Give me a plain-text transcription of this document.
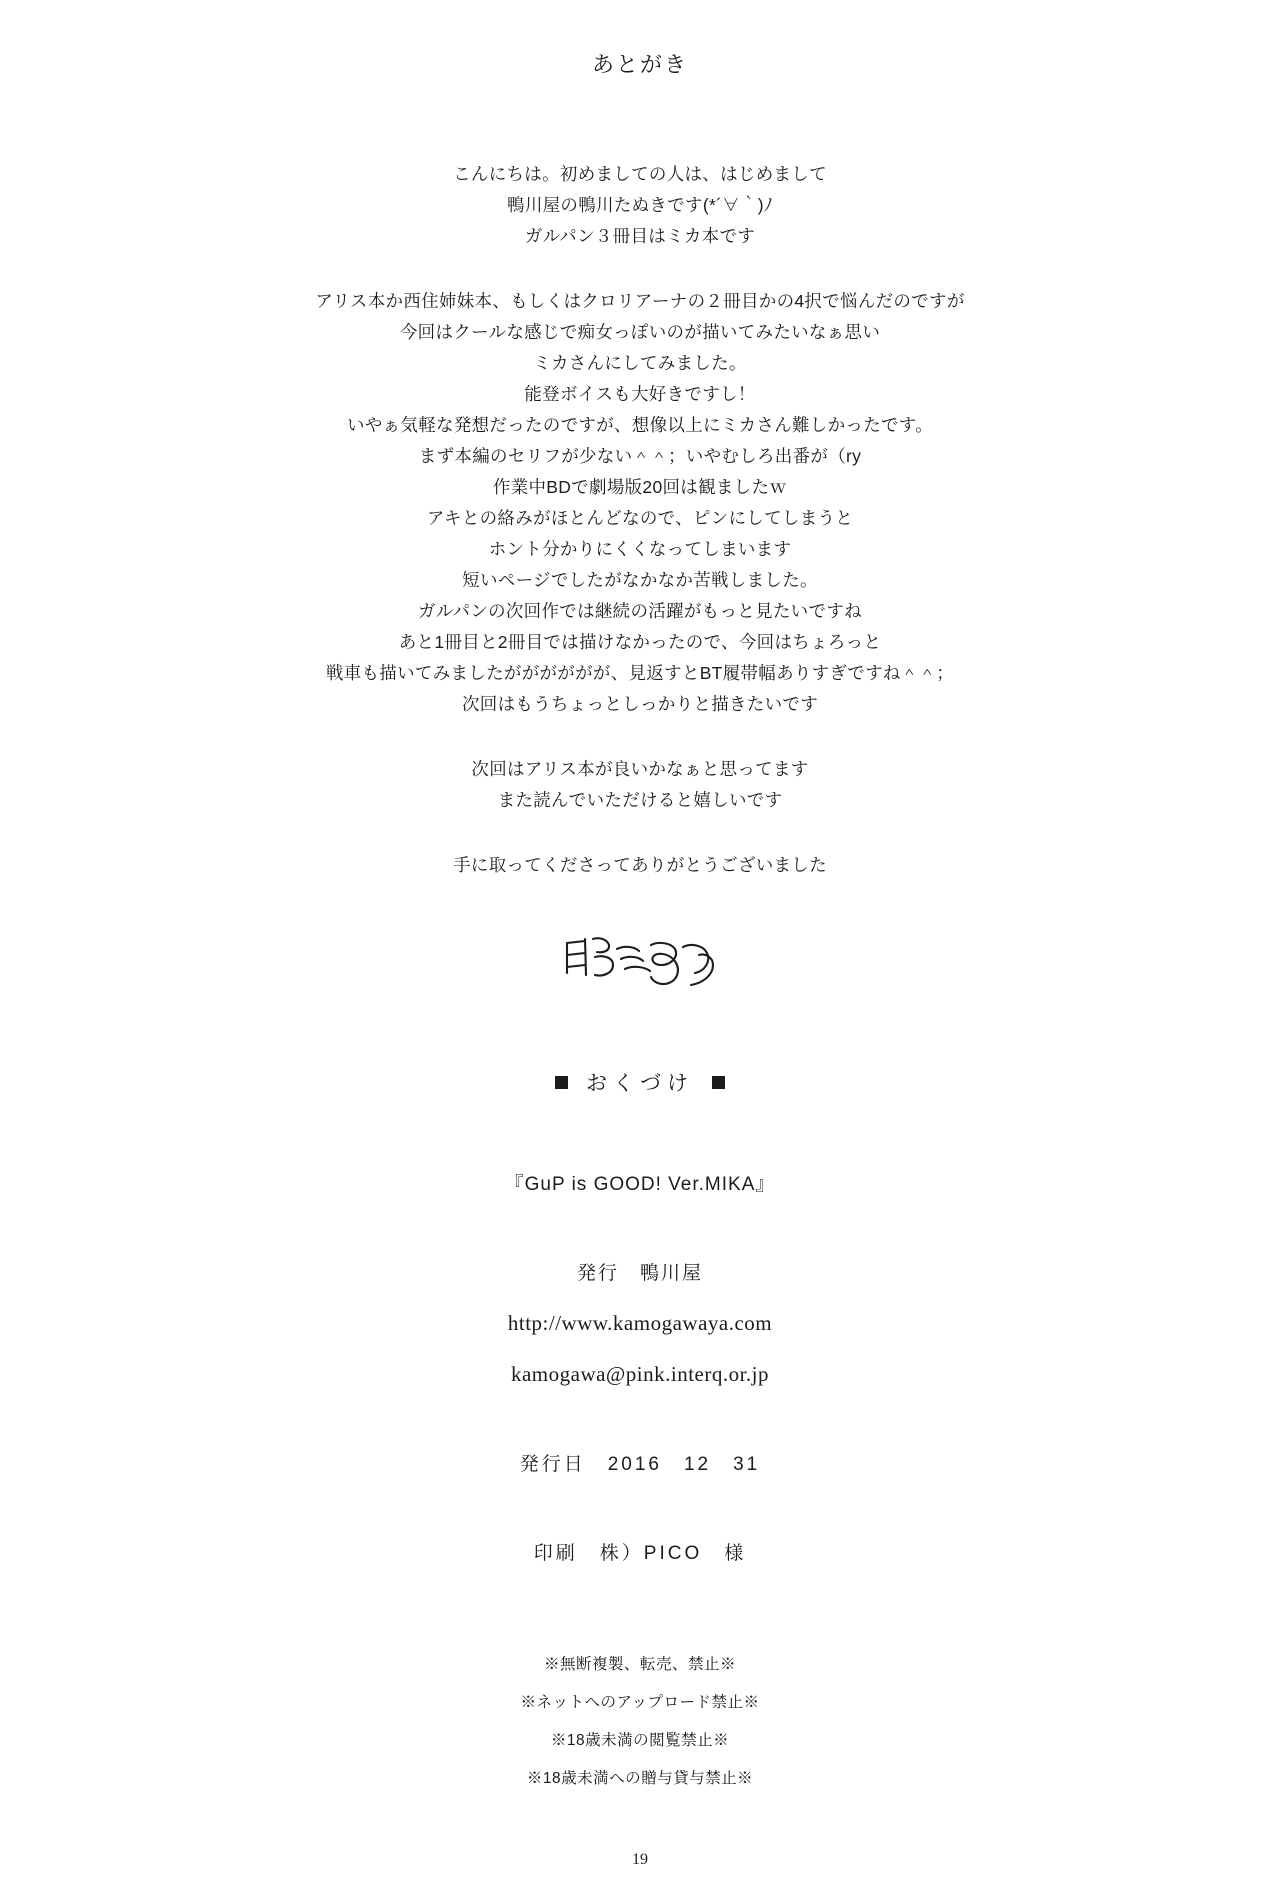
あとがき
こんにちは。初めましての人は、はじめまして
鴨川屋の鴨川たぬきです(*´∀｀)ﾉ
ガルパン３冊目はミカ本です
アリス本か西住姉妹本、もしくはクロリアーナの２冊目かの4択で悩んだのですが
今回はクールな感じで痴女っぽいのが描いてみたいなぁ思い
ミカさんにしてみました。
能登ボイスも大好きですし！
いやぁ気軽な発想だったのですが、想像以上にミカさん難しかったです。
まず本編のセリフが少ない＾＾；いやむしろ出番が（ry
作業中BDで劇場版20回は観ましたｗ
アキとの絡みがほとんどなので、ピンにしてしまうと
ホント分かりにくくなってしまいます
短いページでしたがなかなか苦戦しました。
ガルパンの次回作では継続の活躍がもっと見たいですね
あと1冊目と2冊目では描けなかったので、今回はちょろっと
戦車も描いてみましたがががががが、見返すとBT履帯幅ありすぎですね＾＾；
次回はもうちょっとしっかりと描きたいです
次回はアリス本が良いかなぁと思ってます
また読んでいただけると嬉しいです
手に取ってくださってありがとうございました
おくづけ
『GuP is GOOD! Ver.MIKA』
発行　鴨川屋
http://www.kamogawaya.com
kamogawa@pink.interq.or.jp
発行日　2016　12　31
印刷　株）PICO　様
※無断複製、転売、禁止※
※ネットへのアップロード禁止※
※18歳未満の閲覧禁止※
※18歳未満への贈与貸与禁止※
19
